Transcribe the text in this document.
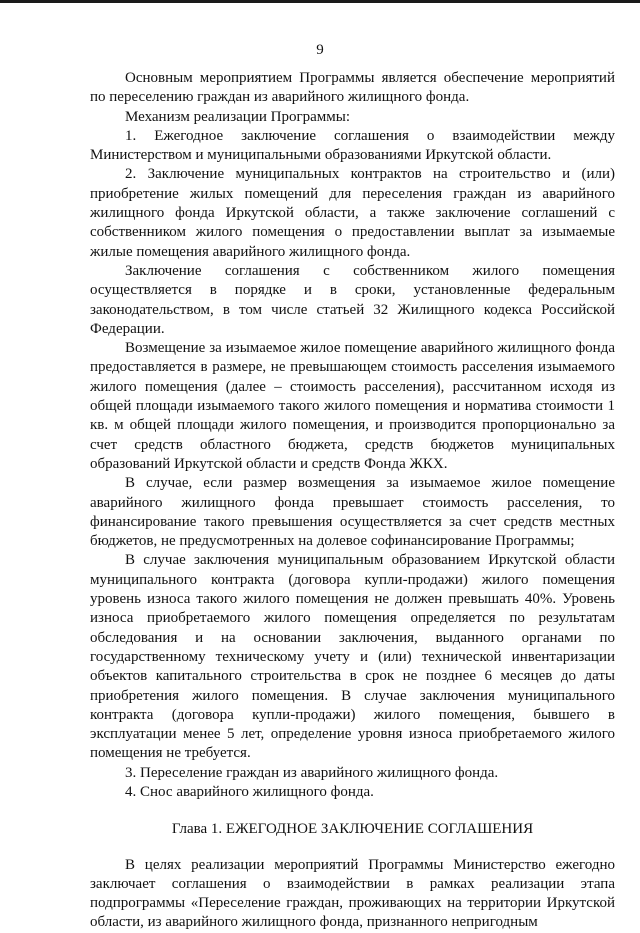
9

Основным мероприятием Программы является обеспечение мероприятий по переселению граждан из аварийного жилищного фонда.

Механизм реализации Программы:

1. Ежегодное заключение соглашения о взаимодействии между Министерством и муниципальными образованиями Иркутской области.

2. Заключение муниципальных контрактов на строительство и (или) приобретение жилых помещений для переселения граждан из аварийного жилищного фонда Иркутской области, а также заключение соглашений с собственником жилого помещения о предоставлении выплат за изымаемые жилые помещения аварийного жилищного фонда.

Заключение соглашения с собственником жилого помещения осуществляется в порядке и в сроки, установленные федеральным законодательством, в том числе статьей 32 Жилищного кодекса Российской Федерации.

Возмещение за изымаемое жилое помещение аварийного жилищного фонда предоставляется в размере, не превышающем стоимость расселения изымаемого жилого помещения (далее – стоимость расселения), рассчитанном исходя из общей площади изымаемого такого жилого помещения и норматива стоимости 1 кв. м общей площади жилого помещения, и производится пропорционально за счет средств областного бюджета, средств бюджетов муниципальных образований Иркутской области и средств Фонда ЖКХ.

В случае, если размер возмещения за изымаемое жилое помещение аварийного жилищного фонда превышает стоимость расселения, то финансирование такого превышения осуществляется за счет средств местных бюджетов, не предусмотренных на долевое софинансирование Программы;

В случае заключения муниципальным образованием Иркутской области муниципального контракта (договора купли-продажи) жилого помещения уровень износа такого жилого помещения не должен превышать 40%. Уровень износа приобретаемого жилого помещения определяется по результатам обследования и на основании заключения, выданного органами по государственному техническому учету и (или) технической инвентаризации объектов капитального строительства в срок не позднее 6 месяцев до даты приобретения жилого помещения. В случае заключения муниципального контракта (договора купли-продажи) жилого помещения, бывшего в эксплуатации менее 5 лет, определение уровня износа приобретаемого жилого помещения не требуется.

3. Переселение граждан из аварийного жилищного фонда.

4. Снос аварийного жилищного фонда.

Глава 1. ЕЖЕГОДНОЕ ЗАКЛЮЧЕНИЕ СОГЛАШЕНИЯ

В целях реализации мероприятий Программы Министерство ежегодно заключает соглашения о взаимодействии в рамках реализации этапа подпрограммы «Переселение граждан, проживающих на территории Иркутской области, из аварийного жилищного фонда, признанного непригодным
